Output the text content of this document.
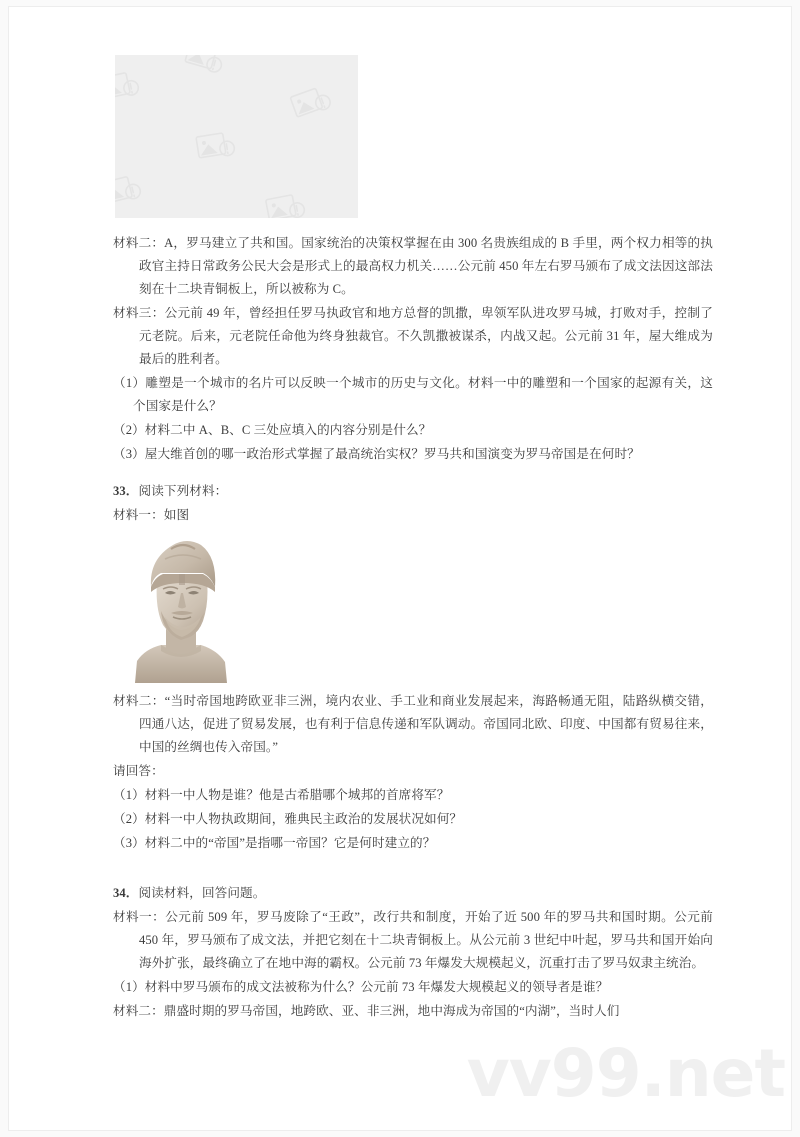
vv99.net

材料二：A，罗马建立了共和国。国家统治的决策权掌握在由 300 名贵族组成的 B 手里，两个权力相等的执政官主持日常政务公民大会是形式上的最高权力机关……公元前 450 年左右罗马颁布了成文法因这部法刻在十二块青铜板上，所以被称为 C。

材料三：公元前 49 年，曾经担任罗马执政官和地方总督的凯撒，卑领军队进攻罗马城，打败对手，控制了元老院。后来，元老院任命他为终身独裁官。不久凯撒被谋杀，内战又起。公元前 31 年，屋大维成为最后的胜利者。

（1）雕塑是一个城市的名片可以反映一个城市的历史与文化。材料一中的雕塑和一个国家的起源有关，这个国家是什么？

（2）材料二中 A、B、C 三处应填入的内容分别是什么？

（3）屋大维首创的哪一政治形式掌握了最高统治实权？罗马共和国演变为罗马帝国是在何时？

33．阅读下列材料：

材料一：如图

材料二：“当时帝国地跨欧亚非三洲，境内农业、手工业和商业发展起来，海路畅通无阻，陆路纵横交错，四通八达，促进了贸易发展，也有利于信息传递和军队调动。帝国同北欧、印度、中国都有贸易往来，中国的丝绸也传入帝国。”

请回答：

（1）材料一中人物是谁？他是古希腊哪个城邦的首席将军？

（2）材料一中人物执政期间，雅典民主政治的发展状况如何？

（3）材料二中的“帝国”是指哪一帝国？它是何时建立的？

34．阅读材料，回答问题。

材料一：公元前 509 年，罗马废除了“王政”，改行共和制度，开始了近 500 年的罗马共和国时期。公元前 450 年，罗马颁布了成文法，并把它刻在十二块青铜板上。从公元前 3 世纪中叶起，罗马共和国开始向海外扩张，最终确立了在地中海的霸权。公元前 73 年爆发大规模起义，沉重打击了罗马奴隶主统治。

（1）材料中罗马颁布的成文法被称为什么？公元前 73 年爆发大规模起义的领导者是谁？

材料二：鼎盛时期的罗马帝国，地跨欧、亚、非三洲，地中海成为帝国的“内湖”，当时人们
